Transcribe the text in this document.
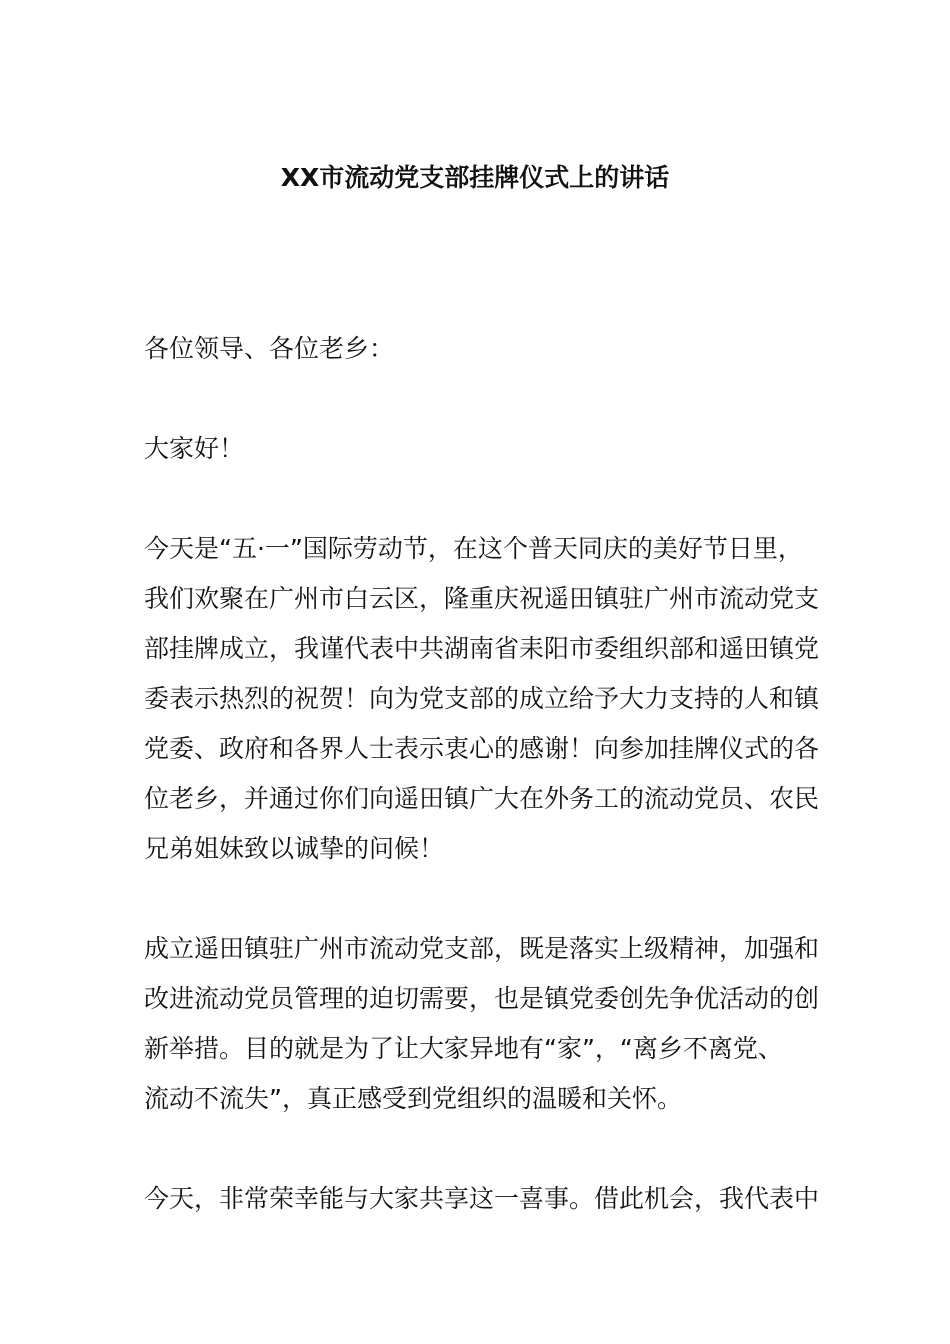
XX市流动党支部挂牌仪式上的讲话
各位领导、各位老乡：
大家好！
今天是“五·一”国际劳动节，在这个普天同庆的美好节日里，
我们欢聚在广州市白云区，隆重庆祝遥田镇驻广州市流动党支
部挂牌成立，我谨代表中共湖南省耒阳市委组织部和遥田镇党
委表示热烈的祝贺！向为党支部的成立给予大力支持的人和镇
党委、政府和各界人士表示衷心的感谢！向参加挂牌仪式的各
位老乡，并通过你们向遥田镇广大在外务工的流动党员、农民
兄弟姐妹致以诚挚的问候！
成立遥田镇驻广州市流动党支部，既是落实上级精神，加强和
改进流动党员管理的迫切需要，也是镇党委创先争优活动的创
新举措。目的就是为了让大家异地有“家”，“离乡不离党、
流动不流失”，真正感受到党组织的温暖和关怀。
今天，非常荣幸能与大家共享这一喜事。借此机会，我代表中
